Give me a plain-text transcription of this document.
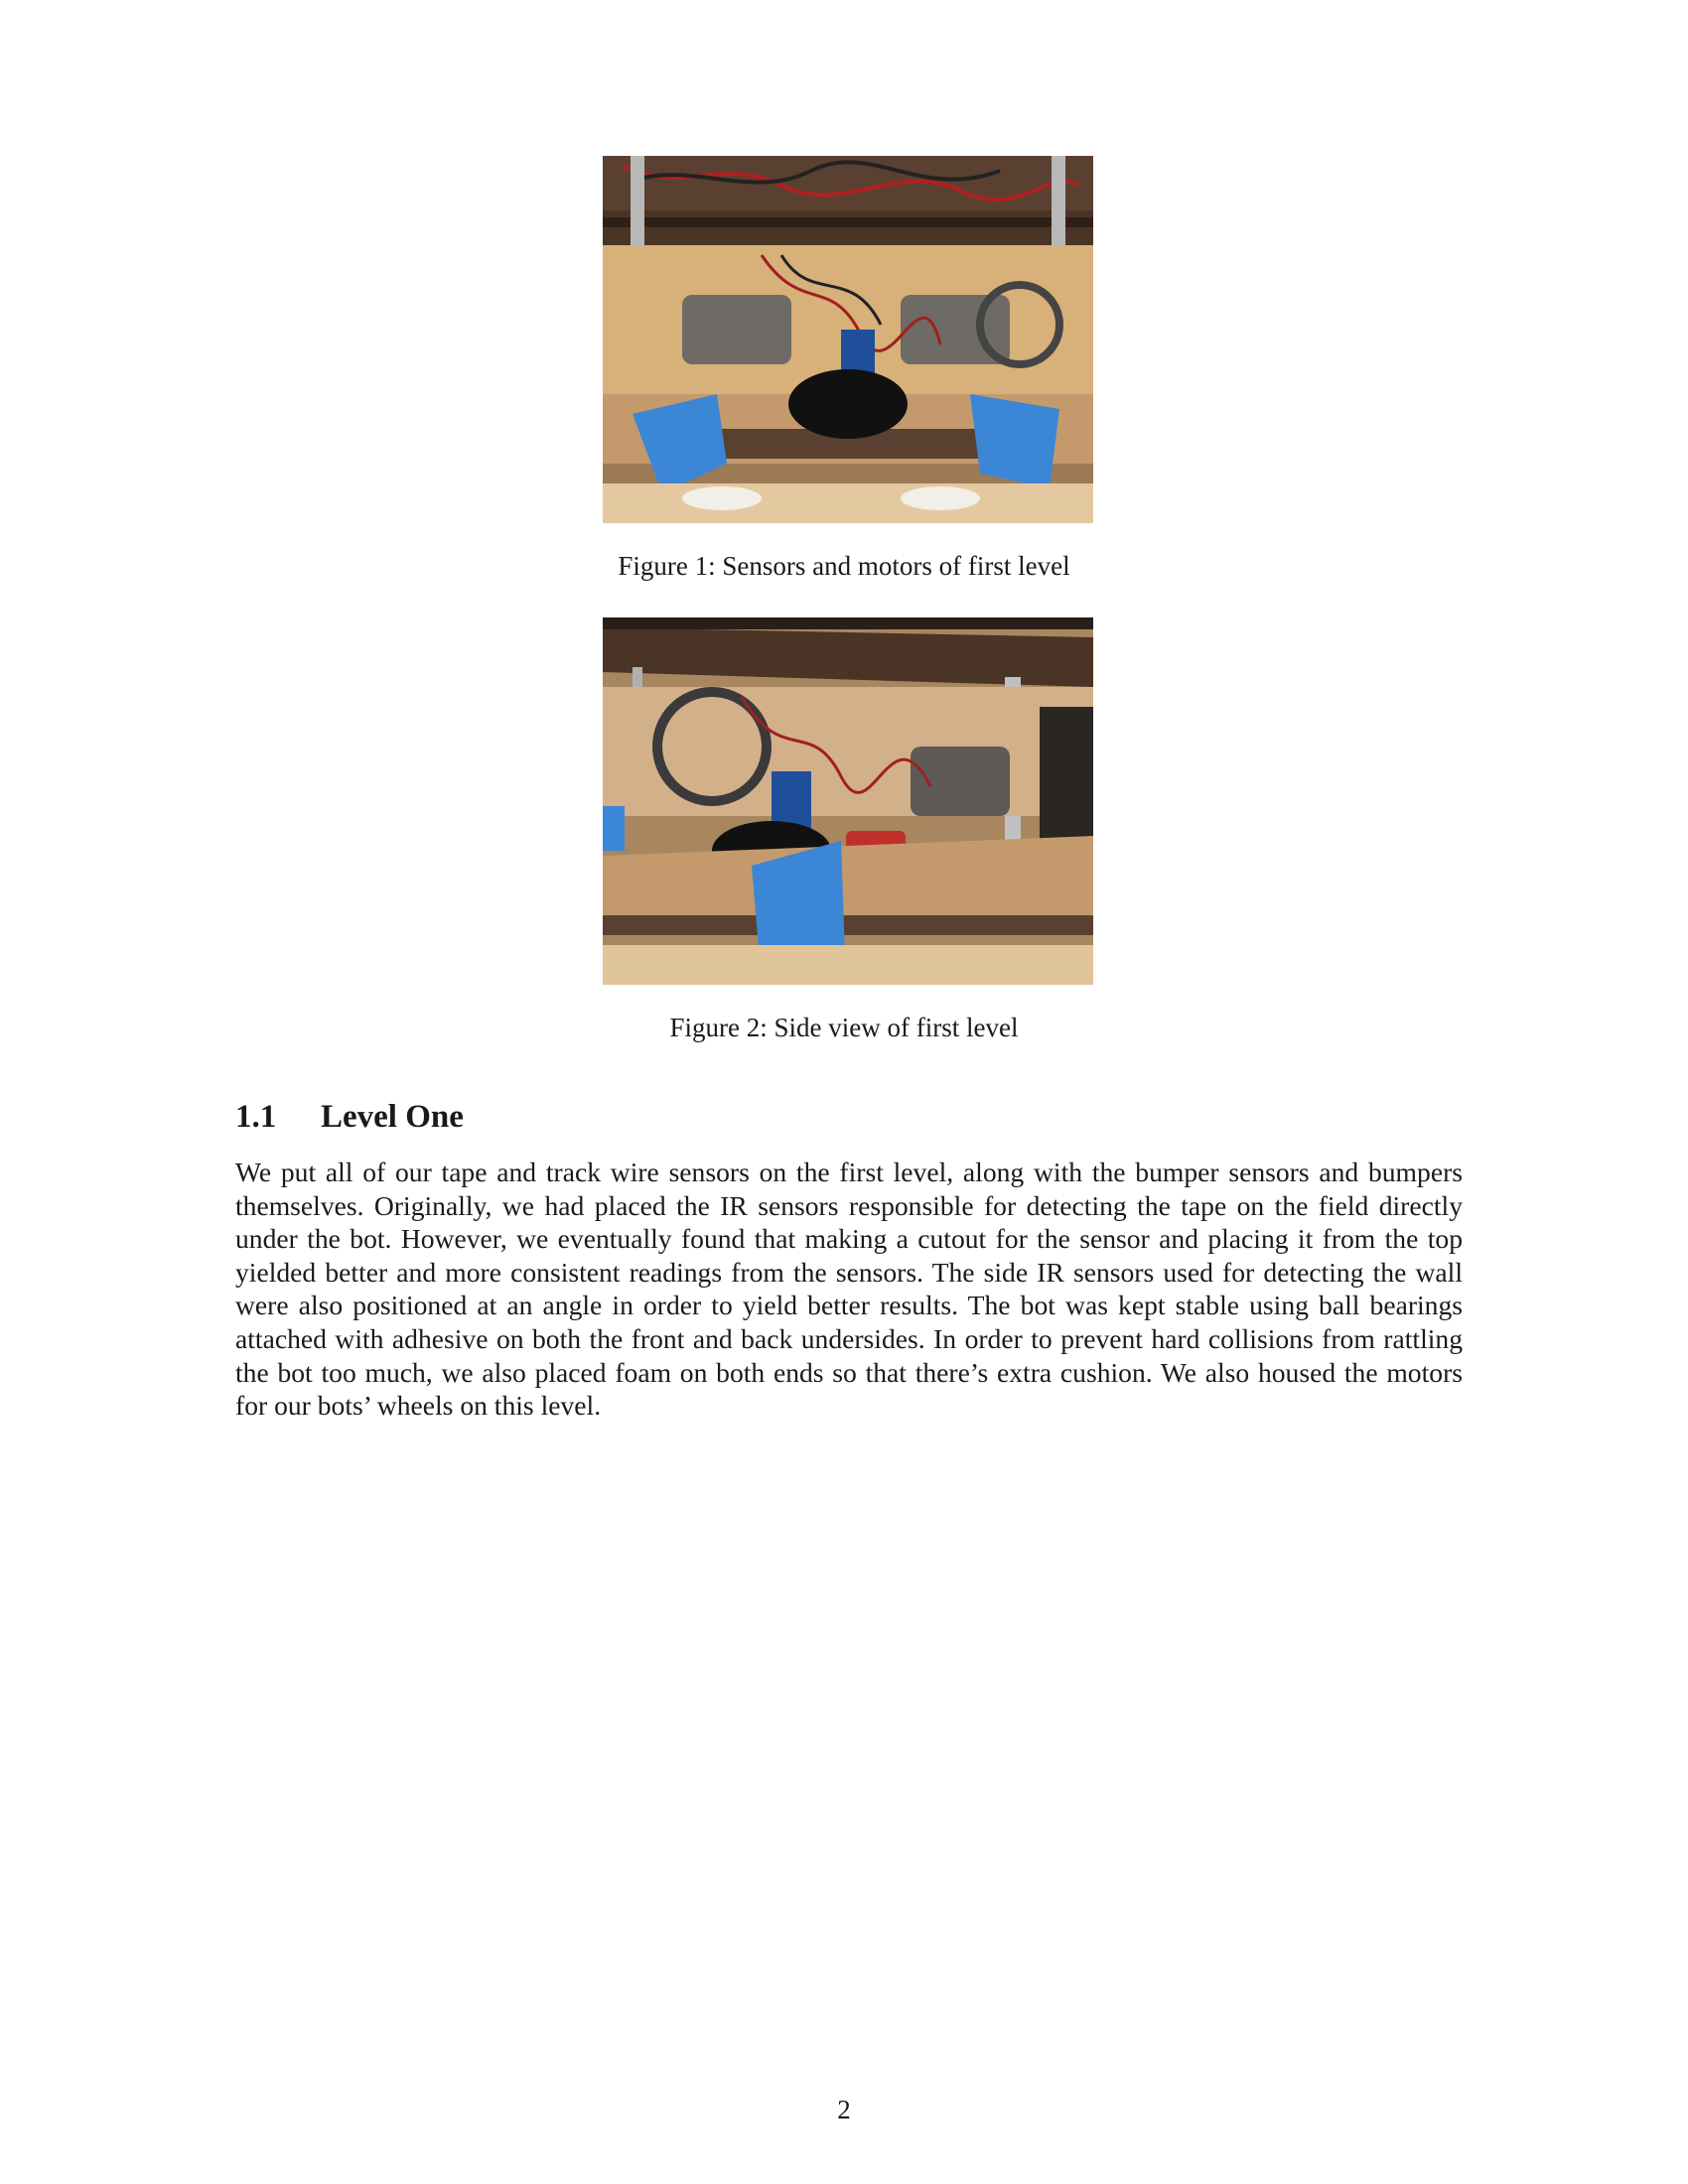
Figure 1: Sensors and motors of first level
Figure 2: Side view of first level
1.1 Level One

We put all of our tape and track wire sensors on the first level, along with the bumper sensors and bumpers themselves. Originally, we had placed the IR sensors responsible for detecting the tape on the field directly under the bot. However, we eventually found that making a cutout for the sensor and placing it from the top yielded better and more consistent readings from the sensors. The side IR sensors used for detecting the wall were also positioned at an angle in order to yield better results. The bot was kept stable using ball bearings attached with adhesive on both the front and back undersides. In order to prevent hard collisions from rattling the bot too much, we also placed foam on both ends so that there’s extra cushion. We also housed the motors for our bots’ wheels on this level.

2
